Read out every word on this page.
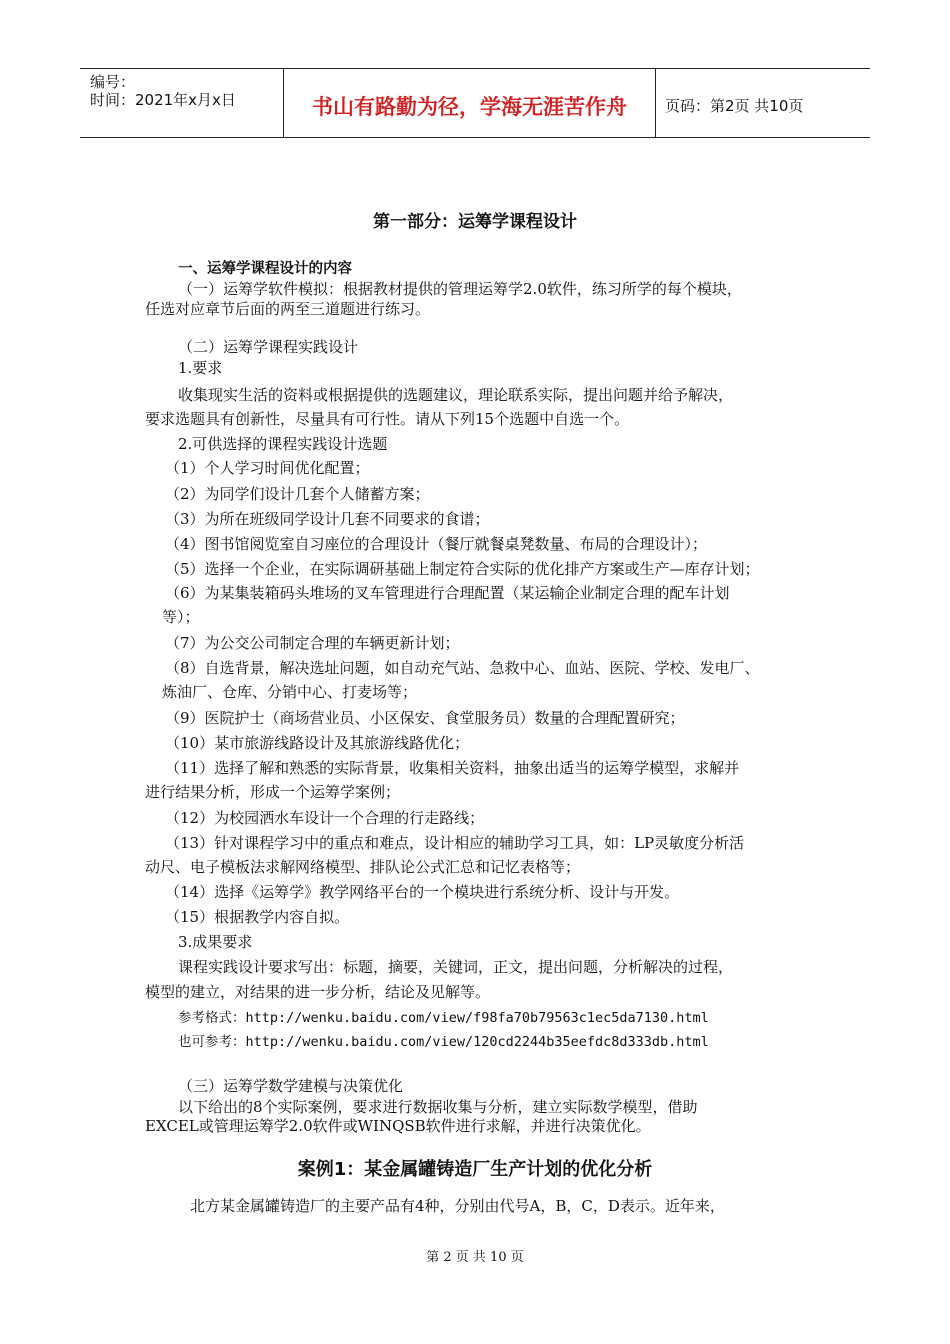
编号：
时间：2021年x月x日	书山有路勤为径，学海无涯苦作舟	页码：第2页 共10页
第一部分：运筹学课程设计
一、运筹学课程设计的内容
（一）运筹学软件模拟：根据教材提供的管理运筹学2.0软件，练习所学的每个模块，
任选对应章节后面的两至三道题进行练习。
（二）运筹学课程实践设计
1.要求
收集现实生活的资料或根据提供的选题建议，理论联系实际，提出问题并给予解决，
要求选题具有创新性，尽量具有可行性。请从下列15个选题中自选一个。
2.可供选择的课程实践设计选题
（1）个人学习时间优化配置；
（2）为同学们设计几套个人储蓄方案；
（3）为所在班级同学设计几套不同要求的食谱；
（4）图书馆阅览室自习座位的合理设计（餐厅就餐桌凳数量、布局的合理设计）；
（5）选择一个企业，在实际调研基础上制定符合实际的优化排产方案或生产—库存计划；
（6）为某集装箱码头堆场的叉车管理进行合理配置（某运输企业制定合理的配车计划
等）；
（7）为公交公司制定合理的车辆更新计划；
（8）自选背景，解决选址问题，如自动充气站、急救中心、血站、医院、学校、发电厂、
炼油厂、仓库、分销中心、打麦场等；
（9）医院护士（商场营业员、小区保安、食堂服务员）数量的合理配置研究；
（10）某市旅游线路设计及其旅游线路优化；
（11）选择了解和熟悉的实际背景，收集相关资料，抽象出适当的运筹学模型，求解并
进行结果分析，形成一个运筹学案例；
（12）为校园洒水车设计一个合理的行走路线；
（13）针对课程学习中的重点和难点，设计相应的辅助学习工具，如：LP灵敏度分析活
动尺、电子模板法求解网络模型、排队论公式汇总和记忆表格等；
（14）选择《运筹学》教学网络平台的一个模块进行系统分析、设计与开发。
（15）根据教学内容自拟。
3.成果要求
课程实践设计要求写出：标题，摘要，关键词，正文，提出问题，分析解决的过程，
模型的建立，对结果的进一步分析，结论及见解等。
参考格式：http://wenku.baidu.com/view/f98fa70b79563c1ec5da7130.html
也可参考：http://wenku.baidu.com/view/120cd2244b35eefdc8d333db.html
（三）运筹学数学建模与决策优化
以下给出的8个实际案例，要求进行数据收集与分析，建立实际数学模型，借助
EXCEL或管理运筹学2.0软件或WINQSB软件进行求解，并进行决策优化。
案例1：某金属罐铸造厂生产计划的优化分析
北方某金属罐铸造厂的主要产品有4种，分别由代号A，B，C，D表示。近年来，
第 2 页 共 10 页
